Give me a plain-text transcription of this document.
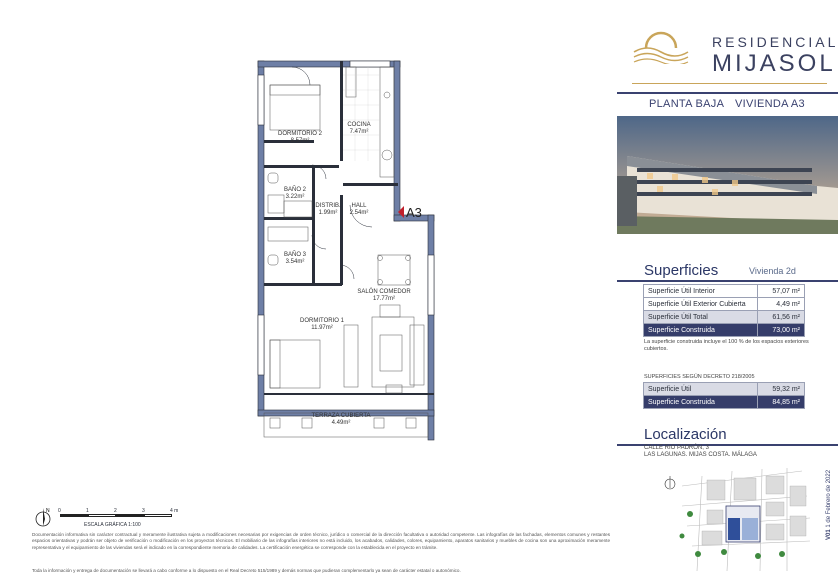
DORMITORIO 2
8.57m²
COCINA
7.47m²
BAÑO 2
3.22m²
DISTRIB.
1.99m²
HALL
2.54m²
BAÑO 3
3.54m²
SALÓN COMEDOR
17.77m²
DORMITORIO 1
11.97m²
TERRAZA CUBIERTA
4.49m²
A3
RESIDENCIAL
MIJASOL
PLANTA BAJA VIVIENDA A3
Superficies	Vivienda 2d
Superficie Útil Interior	57,07 m²
Superficie Útil Exterior Cubierta	4,49 m²
Superficie Útil Total	61,56 m²
Superficie Construida	73,00 m²
La superficie construida incluye el 100 % de los espacios exteriores cubiertos.
SUPERFICIES SEGÚN DECRETO 218/2005
Superficie Útil	59,32 m²
Superficie Construida	84,85 m²
Localización
CALLE RIO PADRÓN, 3
LAS LAGUNAS. MIJAS COSTA. MÁLAGA
V01 1 de Febrero de 2022
N 0	1	2	3	4 m
ESCALA GRÁFICA 1:100
Documentación informativa sin carácter contractual y meramente ilustrativa sujeta a modificaciones necesarias por exigencias de orden técnico, jurídico o comercial de la dirección facultativa o autoridad competente. Las infografías de las fachadas, elementos comunes y restantes espacios orientativas y podrán ser objeto de verificación o modificación en los proyectos técnicos. El mobiliario de las infografías interiores no está incluido, los acabados, calidades, colores, equipamiento, aparatos sanitarios y muebles de cocina son una aproximación meramente representativa y el equipamiento de las viviendas será el indicado en la correspondiente memoria de calidades. La certificación energética se corresponde con la establecida en el proyecto en trámite.
Toda la información y entrega de documentación se llevará a cabo conforme a lo dispuesto en el Real Decreto 515/1989 y demás normas que pudieran complementarlo ya sean de carácter estatal o autonómico.
